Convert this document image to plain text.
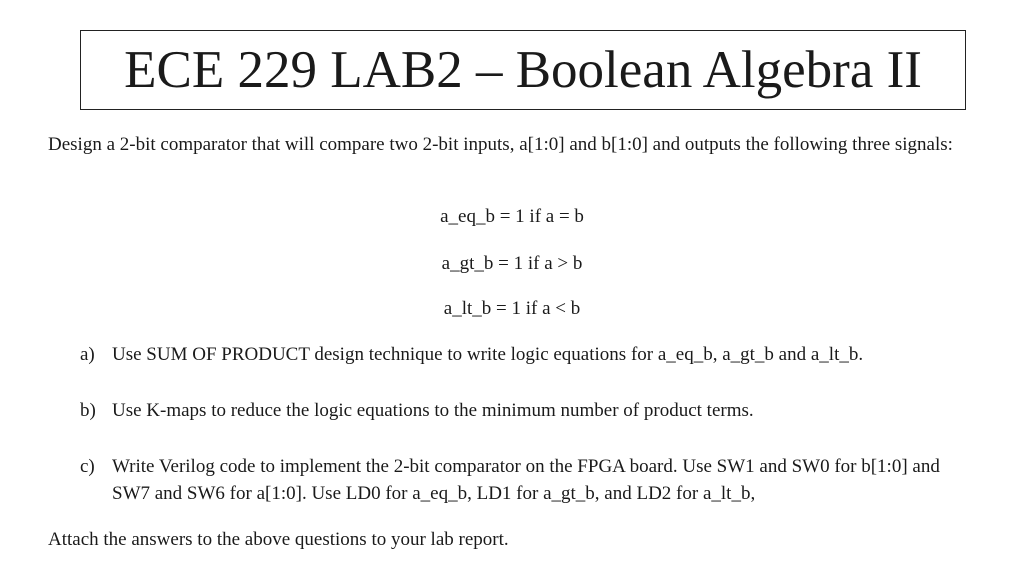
ECE 229 LAB2 – Boolean Algebra II
Design a 2-bit comparator that will compare two 2-bit inputs, a[1:0] and b[1:0] and outputs the following three signals:
a_eq_b = 1 if a = b
a_gt_b = 1 if a > b
a_lt_b = 1 if a < b
a) Use SUM OF PRODUCT design technique to write logic equations for a_eq_b, a_gt_b and a_lt_b.
b) Use K-maps to reduce the logic equations to the minimum number of product terms.
c) Write Verilog code to implement the 2-bit comparator on the FPGA board. Use SW1 and SW0 for b[1:0] and SW7 and SW6 for a[1:0]. Use LD0 for a_eq_b, LD1 for a_gt_b, and LD2 for a_lt_b,
Attach the answers to the above questions to your lab report.
